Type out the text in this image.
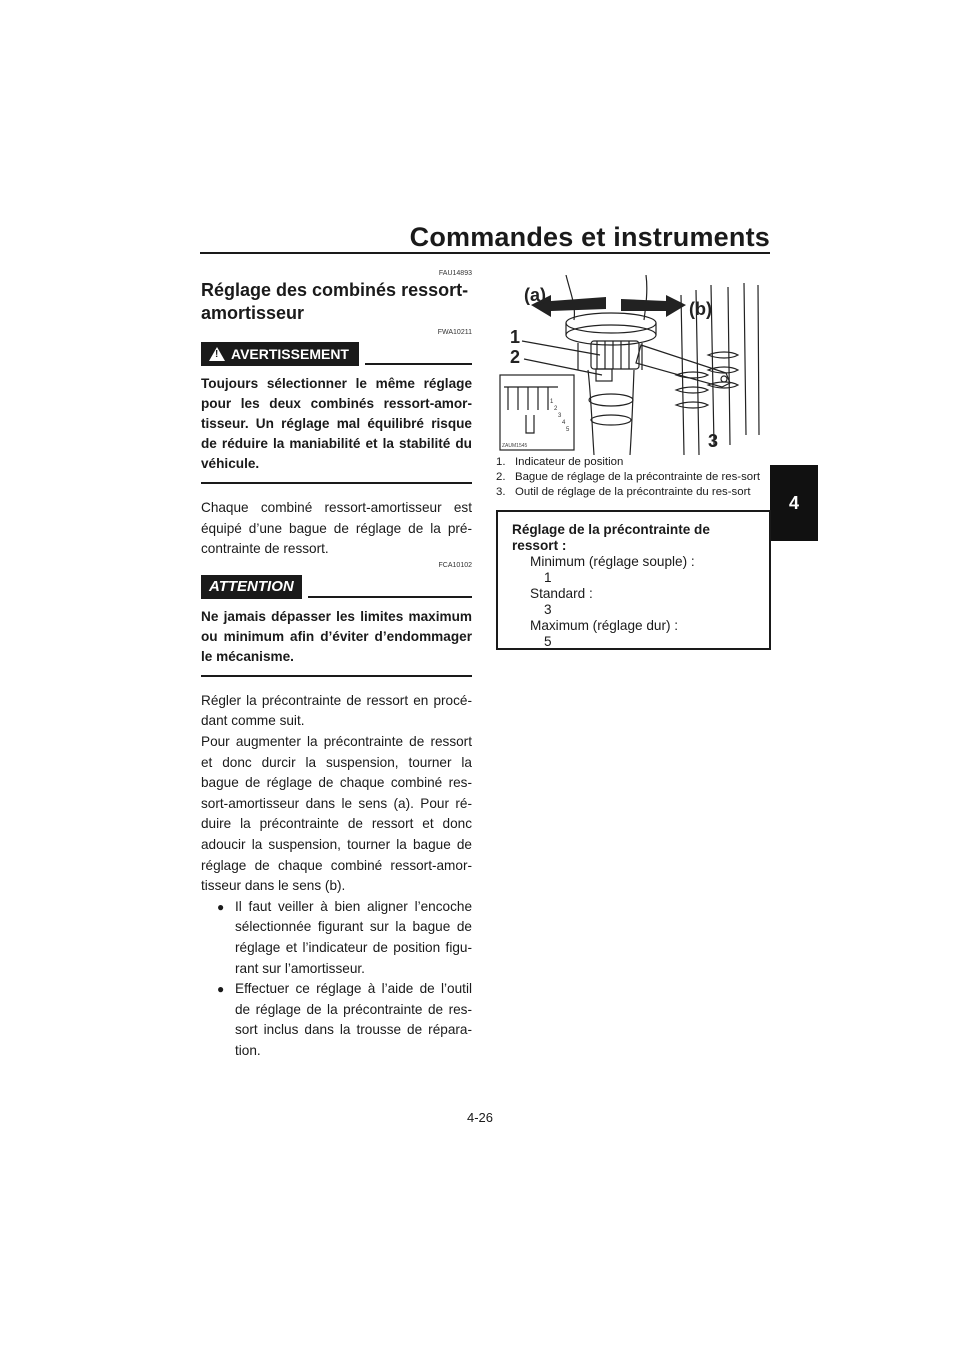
Commandes et instruments
4
FAU14893
Réglage des combinés ressort-amortisseur
FWA10211
! AVERTISSEMENT

Toujours sélectionner le même réglage pour les deux combinés ressort-amor-tisseur. Un réglage mal équilibré risque de réduire la maniabilité et la stabilité du véhicule.

Chaque combiné ressort-amortisseur est équipé d’une bague de réglage de la pré-contrainte de ressort.

FCA10102
ATTENTION

Ne jamais dépasser les limites maximum ou minimum afin d’éviter d’endommager le mécanisme.

Régler la précontrainte de ressort en procé-dant comme suit.

Pour augmenter la précontrainte de ressort et donc durcir la suspension, tourner la bague de réglage de chaque combiné res-sort-amortisseur dans le sens (a). Pour ré-duire la précontrainte de ressort et donc adoucir la suspension, tourner la bague de réglage de chaque combiné ressort-amor-tisseur dans le sens (b).

● Il faut veiller à bien aligner l’encoche sélectionnée figurant sur la bague de réglage et l’indicateur de position figu-rant sur l’amortisseur.
● Effectuer ce réglage à l’aide de l’outil de réglage de la précontrainte de res-sort inclus dans la trousse de répara-tion.
(a)
(b)
1
2
3
ZAUM1545
1
2
3
4
5
1. Indicateur de position
2. Bague de réglage de la précontrainte de res-sort
3. Outil de réglage de la précontrainte du res-sort
Réglage de la précontrainte de ressort :
Minimum (réglage souple) :
1
Standard :
3
Maximum (réglage dur) :
5
4-26
